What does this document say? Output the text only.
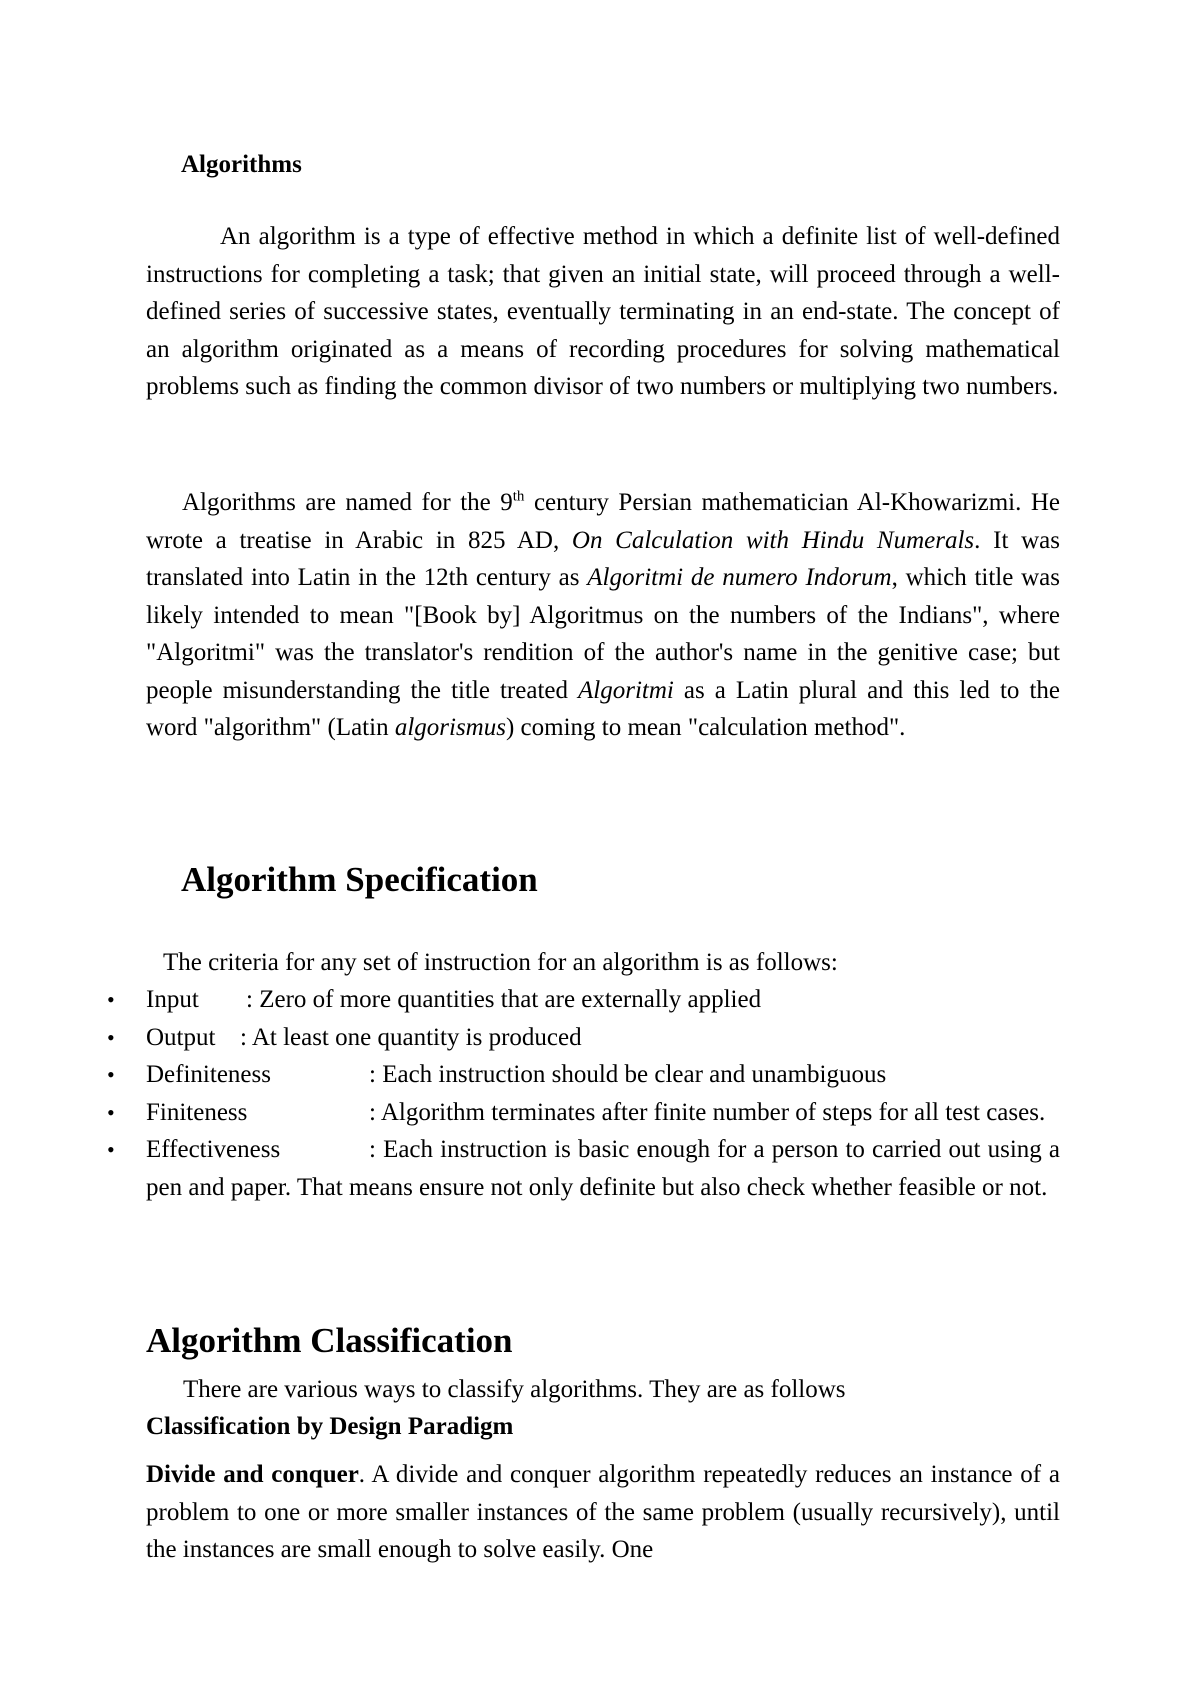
Algorithms

An algorithm is a type of effective method in which a definite list of well-defined instructions for completing a task; that given an initial state, will proceed through a well-defined series of successive states, eventually terminating in an end-state. The concept of an algorithm originated as a means of recording procedures for solving mathematical problems such as finding the common divisor of two numbers or multiplying two numbers.

Algorithms are named for the 9th century Persian mathematician Al-Khowarizmi. He wrote a treatise in Arabic in 825 AD, On Calculation with Hindu Numerals. It was translated into Latin in the 12th century as Algoritmi de numero Indorum, which title was likely intended to mean "[Book by] Algoritmus on the numbers of the Indians", where "Algoritmi" was the translator's rendition of the author's name in the genitive case; but people misunderstanding the title treated Algoritmi as a Latin plural and this led to the word "algorithm" (Latin algorismus) coming to mean "calculation method".

Algorithm Specification
The criteria for any set of instruction for an algorithm is as follows:
•	Input : Zero of more quantities that are externally applied
•	Output : At least one quantity is produced
•	Definiteness	: Each instruction should be clear and unambiguous
•	Finiteness	: Algorithm terminates after finite number of steps for all test cases.
•	Effectiveness	: Each instruction is basic enough for a person to carried out using a pen and paper. That means ensure not only definite but also check whether feasible or not.
Algorithm Classification
There are various ways to classify algorithms. They are as follows
Classification by Design Paradigm

Divide and conquer. A divide and conquer algorithm repeatedly reduces an instance of a problem to one or more smaller instances of the same problem (usually recursively), until the instances are small enough to solve easily. One
